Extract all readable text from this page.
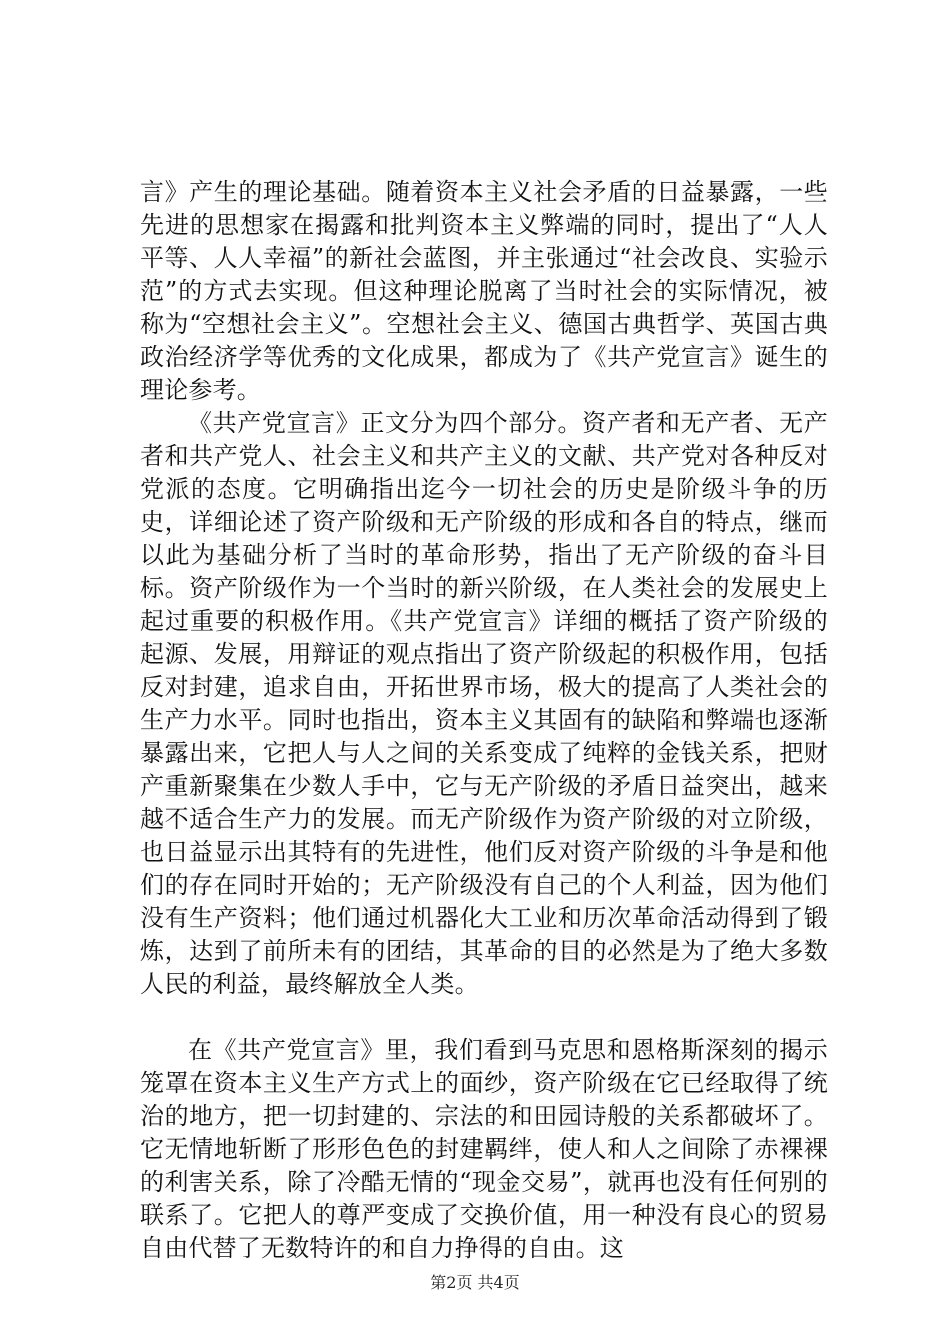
言》产生的理论基础。随着资本主义社会矛盾的日益暴露，一些先进的思想家在揭露和批判资本主义弊端的同时，提出了“人人平等、人人幸福”的新社会蓝图，并主张通过“社会改良、实验示范”的方式去实现。但这种理论脱离了当时社会的实际情况，被称为“空想社会主义”。空想社会主义、德国古典哲学、英国古典政治经济学等优秀的文化成果，都成为了《共产党宣言》诞生的理论参考。

《共产党宣言》正文分为四个部分。资产者和无产者、无产者和共产党人、社会主义和共产主义的文献、共产党对各种反对党派的态度。它明确指出迄今一切社会的历史是阶级斗争的历史，详细论述了资产阶级和无产阶级的形成和各自的特点，继而以此为基础分析了当时的革命形势，指出了无产阶级的奋斗目标。资产阶级作为一个当时的新兴阶级，在人类社会的发展史上起过重要的积极作用。《共产党宣言》详细的概括了资产阶级的起源、发展，用辩证的观点指出了资产阶级起的积极作用，包括反对封建，追求自由，开拓世界市场，极大的提高了人类社会的生产力水平。同时也指出，资本主义其固有的缺陷和弊端也逐渐暴露出来，它把人与人之间的关系变成了纯粹的金钱关系，把财产重新聚集在少数人手中，它与无产阶级的矛盾日益突出，越来越不适合生产力的发展。而无产阶级作为资产阶级的对立阶级，也日益显示出其特有的先进性，他们反对资产阶级的斗争是和他们的存在同时开始的；无产阶级没有自己的个人利益，因为他们没有生产资料；他们通过机器化大工业和历次革命活动得到了锻炼，达到了前所未有的团结，其革命的目的必然是为了绝大多数人民的利益，最终解放全人类。

在《共产党宣言》里，我们看到马克思和恩格斯深刻的揭示笼罩在资本主义生产方式上的面纱，资产阶级在它已经取得了统治的地方，把一切封建的、宗法的和田园诗般的关系都破坏了。它无情地斩断了形形色色的封建羁绊，使人和人之间除了赤裸裸的利害关系，除了冷酷无情的“现金交易”，就再也没有任何别的联系了。它把人的尊严变成了交换价值，用一种没有良心的贸易自由代替了无数特许的和自力挣得的自由。这

第2页 共4页
